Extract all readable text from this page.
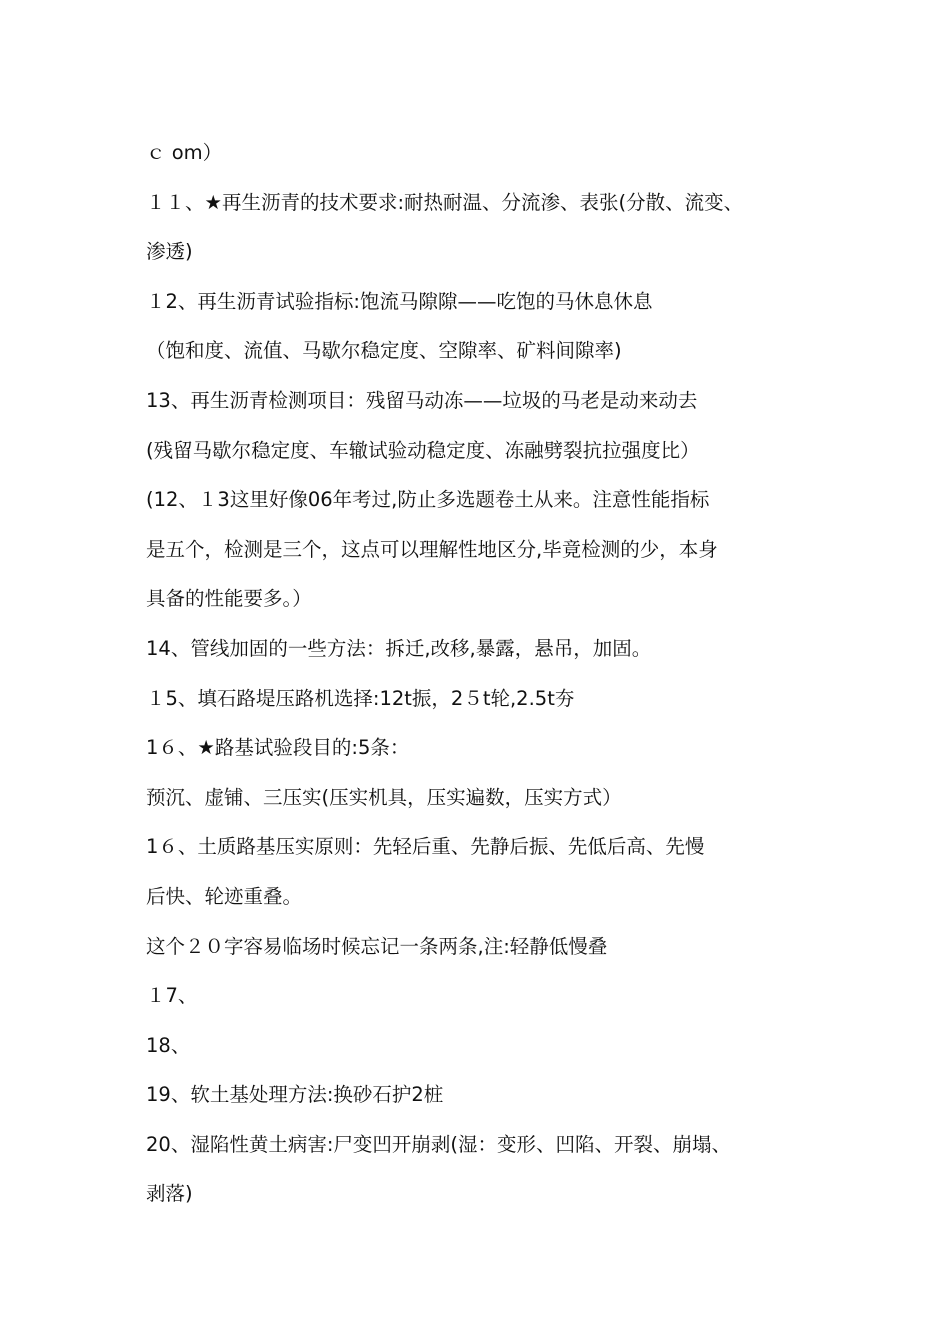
ｃ om）
１１、★再生沥青的技术要求:耐热耐温、分流渗、表张(分散、流变、
渗透)
１2、再生沥青试验指标:饱流马隙隙——吃饱的马休息休息
（饱和度、流值、马歇尔稳定度、空隙率、矿料间隙率)
13、再生沥青检测项目：残留马动冻——垃圾的马老是动来动去
(残留马歇尔稳定度、车辙试验动稳定度、冻融劈裂抗拉强度比）
(12、１3这里好像06年考过,防止多选题卷土从来。注意性能指标
是五个，检测是三个，这点可以理解性地区分,毕竟检测的少，本身
具备的性能要多。）
14、管线加固的一些方法：拆迁,改移,暴露，悬吊，加固。
１5、填石路堤压路机选择:12t振，2５t轮,2.5t夯
1６、★路基试验段目的:5条：
预沉、虚铺、三压实(压实机具，压实遍数，压实方式）
1６、土质路基压实原则：先轻后重、先静后振、先低后高、先慢
后快、轮迹重叠。
这个２０字容易临场时候忘记一条两条,注:轻静低慢叠
１7、
18、
19、软土基处理方法:换砂石护2桩
20、湿陷性黄土病害:尸变凹开崩剥(湿：变形、凹陷、开裂、崩塌、
剥落)
